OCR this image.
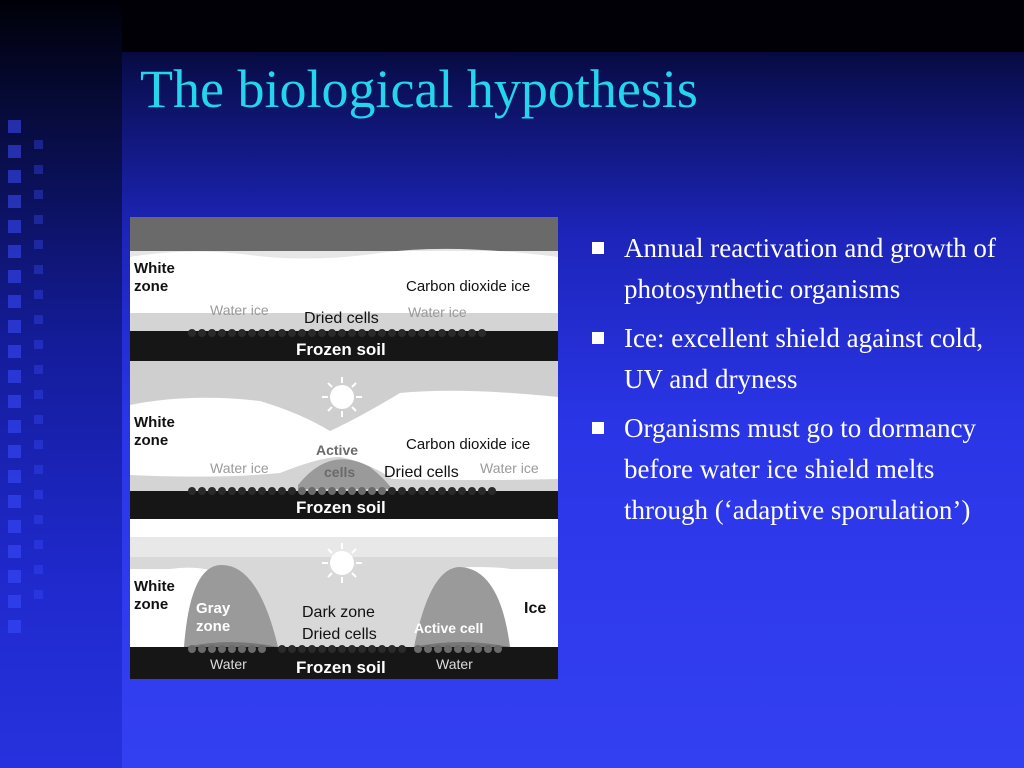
The biological hypothesis
White zone	Carbon dioxide ice
Water ice	Water ice
Dried cells
Frozen soil
White zone	Carbon dioxide ice
Active cells Dried cells
Water ice	Water ice
Frozen soil
White zone	Gray zone
Dark zone
Dried cells	Active cell
Ice
Water	Water
Frozen soil
Annual reactivation and growth of photosynthetic organisms
Ice: excellent shield against cold, UV and dryness
Organisms must go to dormancy before water ice shield melts through (‘adaptive sporulation’)
